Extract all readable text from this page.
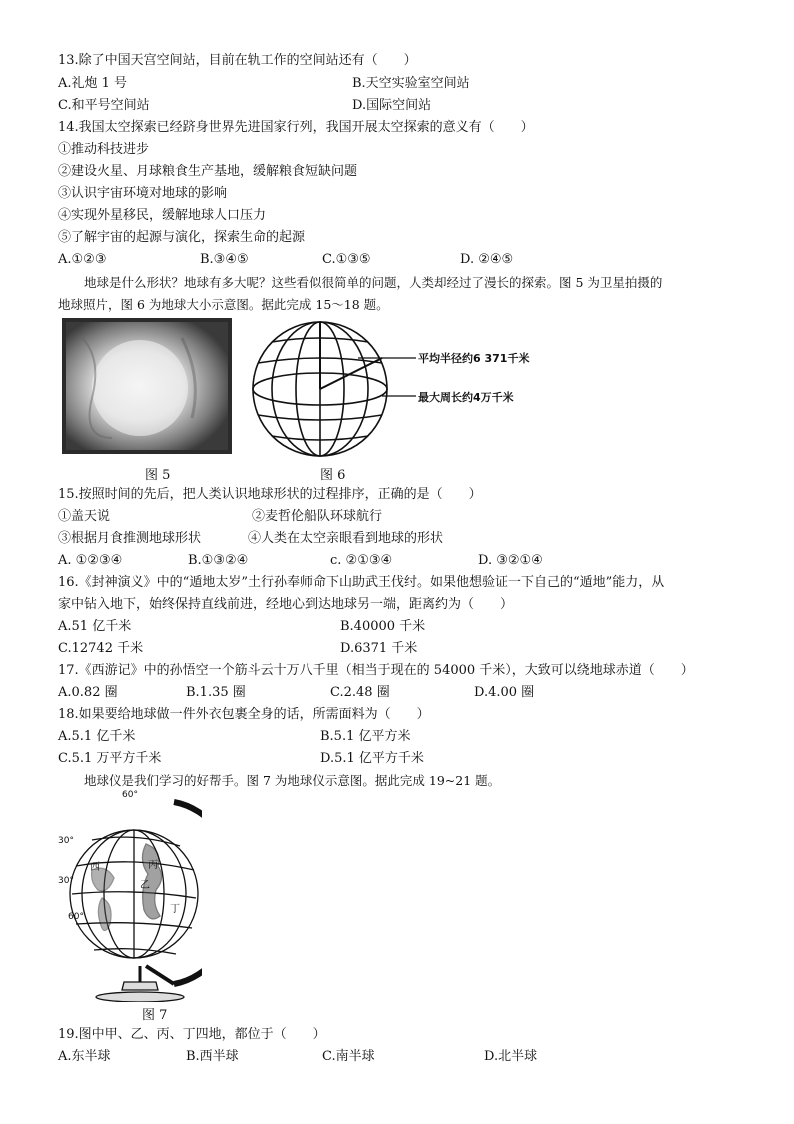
13.除了中国天宫空间站，目前在轨工作的空间站还有（　　）
A.礼炮 1 号	B.天空实验室空间站
C.和平号空间站	D.国际空间站
14.我国太空探索已经跻身世界先进国家行列，我国开展太空探索的意义有（　　）
①推动科技进步
②建设火星、月球粮食生产基地，缓解粮食短缺问题
③认识宇宙环境对地球的影响
④实现外星移民，缓解地球人口压力
⑤了解宇宙的起源与演化，探索生命的起源
A.①②③	B.③④⑤	C.①③⑤	D. ②④⑤
地球是什么形状？地球有多大呢？这些看似很简单的问题，人类却经过了漫长的探索。图 5 为卫星拍摄的
地球照片，图 6 为地球大小示意图。据此完成 15～18 题。
图 5
平均半径约6 371千米
最大周长约4万千米
图 6
15.按照时间的先后，把人类认识地球形状的过程排序，正确的是（　　）
①盖天说	②麦哲伦船队环球航行
③根据月食推测地球形状	④人类在太空亲眼看到地球的形状
A. ①②③④	B.①③②④	c. ②①③④	D. ③②①④
16.《封神演义》中的“遁地太岁”土行孙奉师命下山助武王伐纣。如果他想验证一下自己的“遁地”能力，从
家中钻入地下，始终保持直线前进，经地心到达地球另一端，距离约为（　　）
A.51 亿千米	B.40000 千米
C.12742 千米	D.6371 千米
17.《西游记》中的孙悟空一个筋斗云十万八千里（相当于现在的 54000 千米），大致可以绕地球赤道（　　）
A.0.82 圈	B.1.35 圈	C.2.48 圈	D.4.00 圈
18.如果要给地球做一件外衣包裹全身的话，所需面料为（　　）
A.5.1 亿千米	B.5.1 亿平方米
C.5.1 万平方千米	D.5.1 亿平方千米
地球仪是我们学习的好帮手。图 7 为地球仪示意图。据此完成 19~21 题。
60°
30°
30°
60°
西
乙
丙
丁
图 7
19.图中甲、乙、丙、丁四地，都位于（　　）
A.东半球	B.西半球	C.南半球	D.北半球
